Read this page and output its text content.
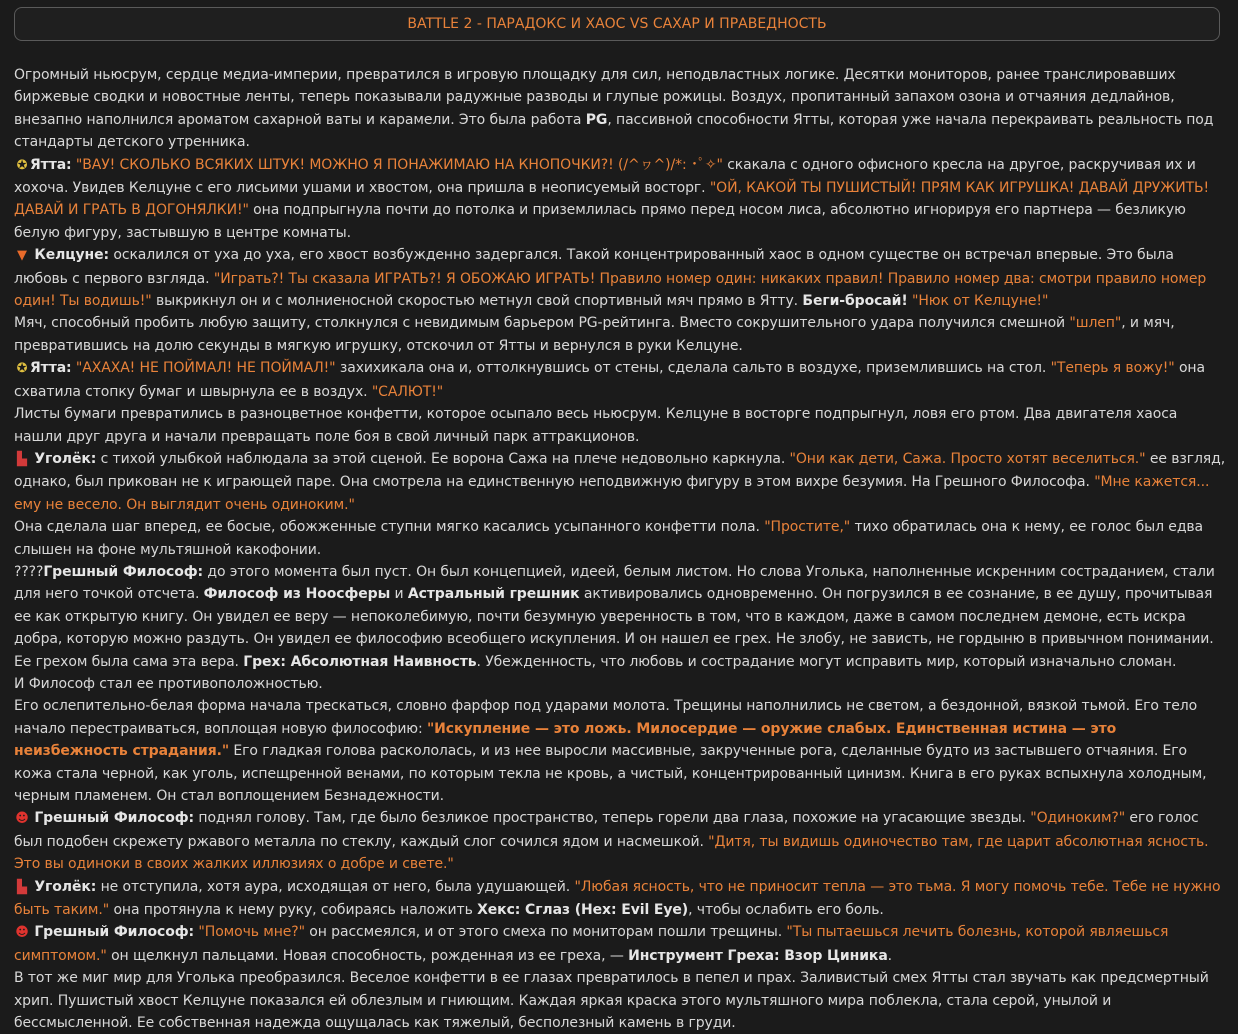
BATTLE 2 - ПАРАДОКС И ХАОС VS САХАР И ПРАВЕДНОСТЬ

Огромный ньюсрум, сердце медиа-империи, превратился в игровую площадку для сил, неподвластных логике. Десятки мониторов, ранее транслировавших биржевые сводки и новостные ленты, теперь показывали радужные разводы и глупые рожицы. Воздух, пропитанный запахом озона и отчаяния дедлайнов, внезапно наполнился ароматом сахарной ваты и карамели. Это была работа PG, пассивной способности Ятты, которая уже начала перекраивать реальность под стандарты детского утренника.

✪ Ятта: "ВАУ! СКОЛЬКО ВСЯКИХ ШТУК! МОЖНО Я ПОНАЖИМАЮ НА КНОПОЧКИ?! (/^ヮ^)/*: ･ﾟ✧" скакала с одного офисного кресла на другое, раскручивая их и хохоча. Увидев Келцуне с его лисьими ушами и хвостом, она пришла в неописуемый восторг. "ОЙ, КАКОЙ ТЫ ПУШИСТЫЙ! ПРЯМ КАК ИГРУШКА! ДАВАЙ ДРУЖИТЬ! ДАВАЙ И ГРАТЬ В ДОГОНЯЛКИ!" она подпрыгнула почти до потолка и приземлилась прямо перед носом лиса, абсолютно игнорируя его партнера — безликую белую фигуру, застывшую в центре комнаты.

▼ Келцуне: оскалился от уха до уха, его хвост возбужденно задергался. Такой концентрированный хаос в одном существе он встречал впервые. Это была любовь с первого взгляда. "Играть?! Ты сказала ИГРАТЬ?! Я ОБОЖАЮ ИГРАТЬ! Правило номер один: никаких правил! Правило номер два: смотри правило номер один! Ты водишь!" выкрикнул он и с молниеносной скоростью метнул свой спортивный мяч прямо в Ятту. Беги-бросай! "Нюк от Келцуне!"

Мяч, способный пробить любую защиту, столкнулся с невидимым барьером PG-рейтинга. Вместо сокрушительного удара получился смешной "шлеп", и мяч, превратившись на долю секунды в мягкую игрушку, отскочил от Ятты и вернулся в руки Келцуне.

✪ Ятта: "АХАХА! НЕ ПОЙМАЛ! НЕ ПОЙМАЛ!" захихикала она и, оттолкнувшись от стены, сделала сальто в воздухе, приземлившись на стол. "Теперь я вожу!" она схватила стопку бумаг и швырнула ее в воздух. "САЛЮТ!"

Листы бумаги превратились в разноцветное конфетти, которое осыпало весь ньюсрум. Келцуне в восторге подпрыгнул, ловя его ртом. Два двигателя хаоса нашли друг друга и начали превращать поле боя в свой личный парк аттракционов.

▙ Уголёк: с тихой улыбкой наблюдала за этой сценой. Ее ворона Сажа на плече недовольно каркнула. "Они как дети, Сажа. Просто хотят веселиться." ее взгляд, однако, был прикован не к играющей паре. Она смотрела на единственную неподвижную фигуру в этом вихре безумия. На Грешного Философа. "Мне кажется... ему не весело. Он выглядит очень одиноким."

Она сделала шаг вперед, ее босые, обожженные ступни мягко касались усыпанного конфетти пола. "Простите," тихо обратилась она к нему, ее голос был едва слышен на фоне мультяшной какофонии.

????Грешный Философ: до этого момента был пуст. Он был концепцией, идеей, белым листом. Но слова Уголька, наполненные искренним состраданием, стали для него точкой отсчета. Философ из Ноосферы и Астральный грешник активировались одновременно. Он погрузился в ее сознание, в ее душу, прочитывая ее как открытую книгу. Он увидел ее веру — непоколебимую, почти безумную уверенность в том, что в каждом, даже в самом последнем демоне, есть искра добра, которую можно раздуть. Он увидел ее философию всеобщего искупления. И он нашел ее грех. Не злобу, не зависть, не гордыню в привычном понимании. Ее грехом была сама эта вера. Грех: Абсолютная Наивность. Убежденность, что любовь и сострадание могут исправить мир, который изначально сломан.

И Философ стал ее противоположностью.

Его ослепительно-белая форма начала трескаться, словно фарфор под ударами молота. Трещины наполнились не светом, а бездонной, вязкой тьмой. Его тело начало перестраиваться, воплощая новую философию: "Искупление — это ложь. Милосердие — оружие слабых. Единственная истина — это неизбежность страдания." Его гладкая голова раскололась, и из нее выросли массивные, закрученные рога, сделанные будто из застывшего отчаяния. Его кожа стала черной, как уголь, испещренной венами, по которым текла не кровь, а чистый, концентрированный цинизм. Книга в его руках вспыхнула холодным, черным пламенем. Он стал воплощением Безнадежности.

☻ Грешный Философ: поднял голову. Там, где было безликое пространство, теперь горели два глаза, похожие на угасающие звезды. "Одиноким?" его голос был подобен скрежету ржавого металла по стеклу, каждый слог сочился ядом и насмешкой. "Дитя, ты видишь одиночество там, где царит абсолютная ясность. Это вы одиноки в своих жалких иллюзиях о добре и свете."

▙ Уголёк: не отступила, хотя аура, исходящая от него, была удушающей. "Любая ясность, что не приносит тепла — это тьма. Я могу помочь тебе. Тебе не нужно быть таким." она протянула к нему руку, собираясь наложить Хекс: Сглаз (Hex: Evil Eye), чтобы ослабить его боль.

☻ Грешный Философ: "Помочь мне?" он рассмеялся, и от этого смеха по мониторам пошли трещины. "Ты пытаешься лечить болезнь, которой являешься симптомом." он щелкнул пальцами. Новая способность, рожденная из ее греха, — Инструмент Греха: Взор Циника.

В тот же миг мир для Уголька преобразился. Веселое конфетти в ее глазах превратилось в пепел и прах. Заливистый смех Ятты стал звучать как предсмертный хрип. Пушистый хвост Келцуне показался ей облезлым и гниющим. Каждая яркая краска этого мультяшного мира поблекла, стала серой, унылой и бессмысленной. Ее собственная надежда ощущалась как тяжелый, бесполезный камень в груди.
